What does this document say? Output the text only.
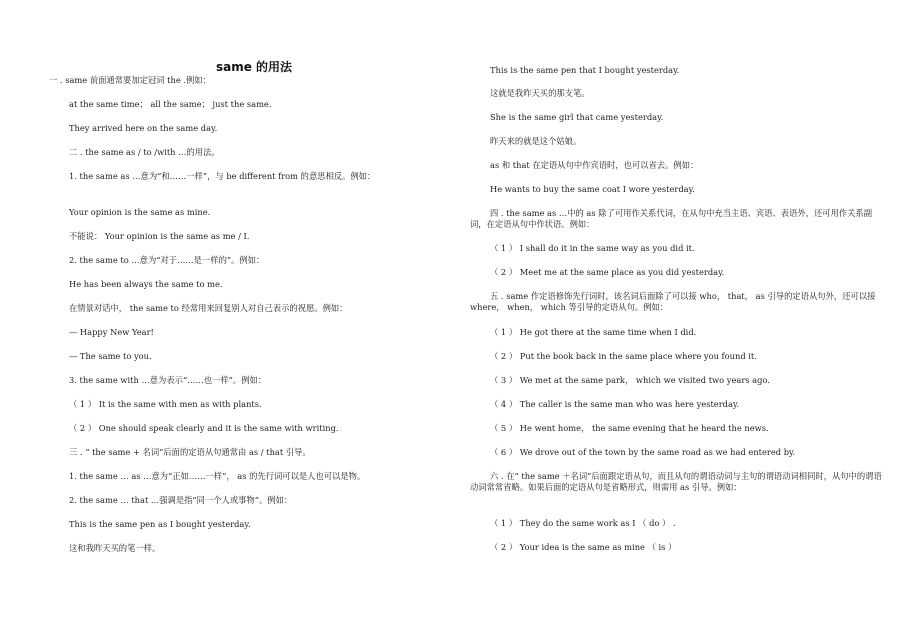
same 的用法
一 . same 前面通常要加定冠词 the .例如：
at the same time； all the same； just the same.
They arrived here on the same day.
二 . the same as / to /with …的用法。
1. the same as …意为“和……一样”，与 be different from 的意思相反。例如：
Your opinion is the same as mine.
不能说： Your opinion is the same as me / I.
2. the same to …意为“对于……是一样的”。例如：
He has been always the same to me.
在情景对话中， the same to 经常用来回复别人对自己表示的祝愿。例如：
— Happy New Year!
— The same to you.
3. the same with …意为表示“……也一样”。例如：
（ 1 ） It is the same with men as with plants.
（ 2 ） One should speak clearly and it is the same with writing.
三 . “ the same + 名词”后面的定语从句通常由 as / that 引导。
1. the same … as …意为“正如……一样”， as 的先行词可以是人也可以是物。
2. the same … that …强调是指“同一个人或事物”。例如：
This is the same pen as I bought yesterday.
这和我昨天买的笔一样。
This is the same pen that I bought yesterday.
这就是我昨天买的那支笔。
She is the same girl that came yesterday.
昨天来的就是这个姑娘。
as 和 that 在定语从句中作宾语时，也可以省去。例如：
He wants to buy the same coat I wore yesterday.
四 . the same as …中的 as 除了可用作关系代词，在从句中充当主语、宾语、表语外，还可用作关系副词，在定语从句中作状语。例如：
（ 1 ） I shall do it in the same way as you did it.
（ 2 ） Meet me at the same place as you did yesterday.
五 . same 作定语修饰先行词时，该名词后面除了可以接 who， that， as 引导的定语从句外，还可以接 where， when， which 等引导的定语从句。例如：
（ 1 ） He got there at the same time when I did.
（ 2 ） Put the book back in the same place where you found it.
（ 3 ） We met at the same park， which we visited two years ago.
（ 4 ） The caller is the same man who was here yesterday.
（ 5 ） He went home， the same evening that he heard the news.
（ 6 ） We drove out of the town by the same road as we had entered by.
六 . 在“ the same ＋名词”后面跟定语从句，而且从句的谓语动词与主句的谓语动词相同时，从句中的谓语动词常常省略。如果后面的定语从句是省略形式，则需用 as 引导。例如：
（ 1 ） They do the same work as I （ do ） .
（ 2 ） Your idea is the same as mine （ is ）
